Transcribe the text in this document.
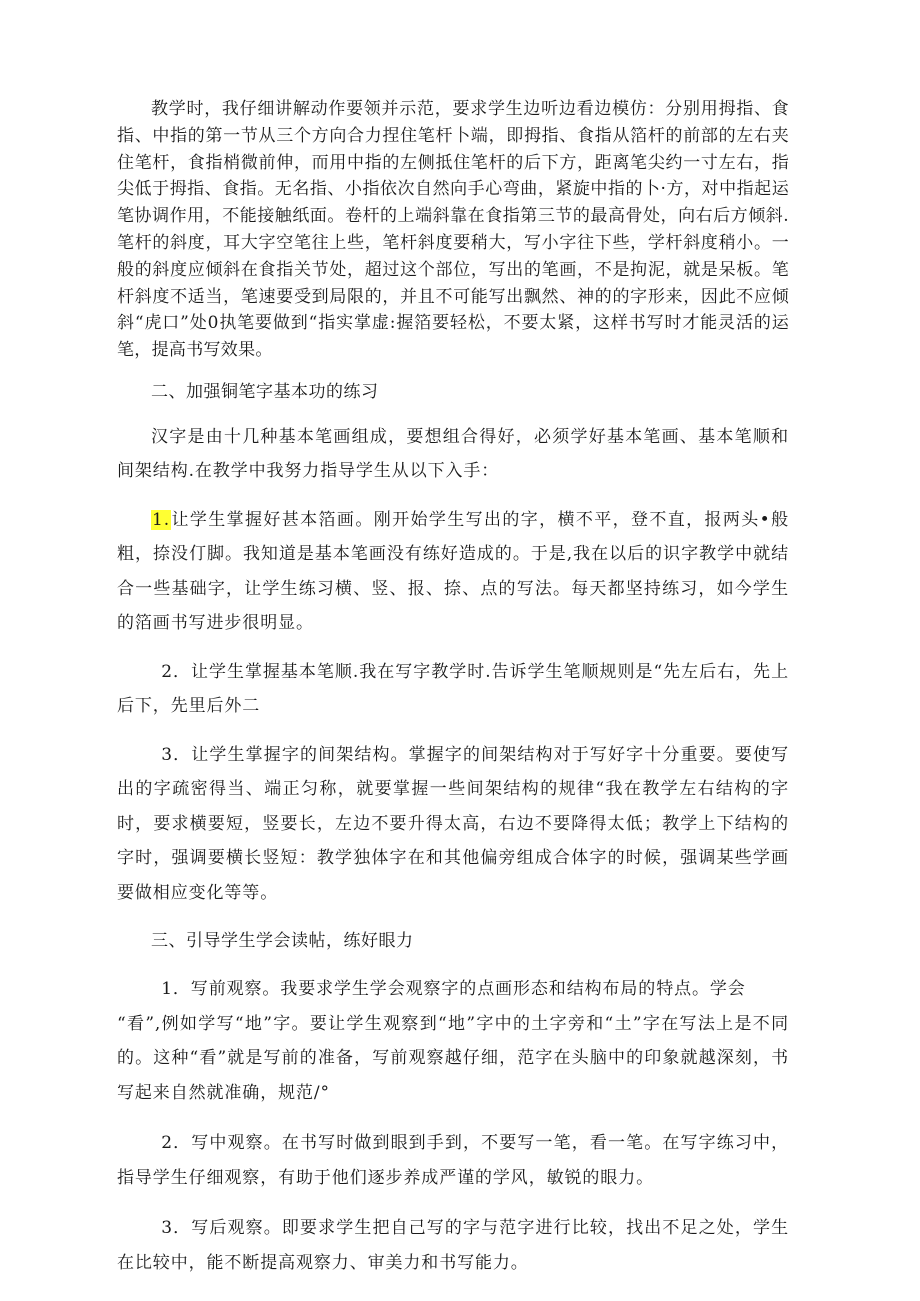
教学时，我仔细讲解动作要领并示范，要求学生边听边看边模仿：分别用拇指、食指、中指的第一节从三个方向合力捏住笔杆卜端，即拇指、食指从箔杆的前部的左右夹住笔杆，食指梢微前伸，而用中指的左侧抵住笔杆的后下方，距离笔尖约一寸左右，指尖低于拇指、食指。无名指、小指依次自然向手心弯曲，紧旋中指的卜·方，对中指起运笔协调作用，不能接触纸面。卷杆的上端斜靠在食指第三节的最高骨处，向右后方倾斜.笔杆的斜度，耳大字空笔往上些，笔杆斜度要稍大，写小字往下些，学杆斜度稍小。一般的斜度应倾斜在食指关节处，超过这个部位，写出的笔画，不是拘泥，就是呆板。笔杆斜度不适当，笔速要受到局限的，并且不可能写出飘然、神的的字形来，因此不应倾斜“虎口”处0执笔要做到“指实掌虚:握箔要轻松，不要太紧，这样书写时才能灵活的运笔，提高书写效果。

二、加强铜笔字基本功的练习

汉字是由十几种基本笔画组成，要想组合得好，必须学好基本笔画、基本笔顺和间架结构.在教学中我努力指导学生从以下入手：

1.让学生掌握好甚本箔画。刚开始学生写出的字，横不平，登不直，报两头•般粗，捺没仃脚。我知道是基本笔画没有练好造成的。于是,我在以后的识字教学中就结合一些基础字，让学生练习横、竖、报、捺、点的写法。每天都坚持练习，如今学生的箔画书写进步很明显。

2．让学生掌握基本笔顺.我在写字教学时.告诉学生笔顺规则是“先左后右，先上后下，先里后外二

3．让学生掌握字的间架结构。掌握字的间架结构对于写好字十分重要。要使写出的字疏密得当、端正匀称，就要掌握一些间架结构的规律“我在教学左右结构的字时，要求横要短，竖要长，左边不要升得太高，右边不要降得太低；教学上下结构的字时，强调要横长竖短：教学独体字在和其他偏旁组成合体字的时候，强调某些学画要做相应变化等等。

三、引导学生学会读帖，练好眼力

1．写前观察。我要求学生学会观察字的点画形态和结构布局的特点。学会

“看”,例如学写“地”字。要让学生观察到“地”字中的土字旁和“土”字在写法上是不同的。这种“看”就是写前的准备，写前观察越仔细，范字在头脑中的印象就越深刻，书写起来自然就准确，规范/°

2．写中观察。在书写时做到眼到手到，不要写一笔，看一笔。在写字练习中，指导学生仔细观察，有助于他们逐步养成严谨的学风，敏锐的眼力。

3．写后观察。即要求学生把自己写的字与范字进行比较，找出不足之处，学生在比较中，能不断提高观察力、审美力和书写能力。
